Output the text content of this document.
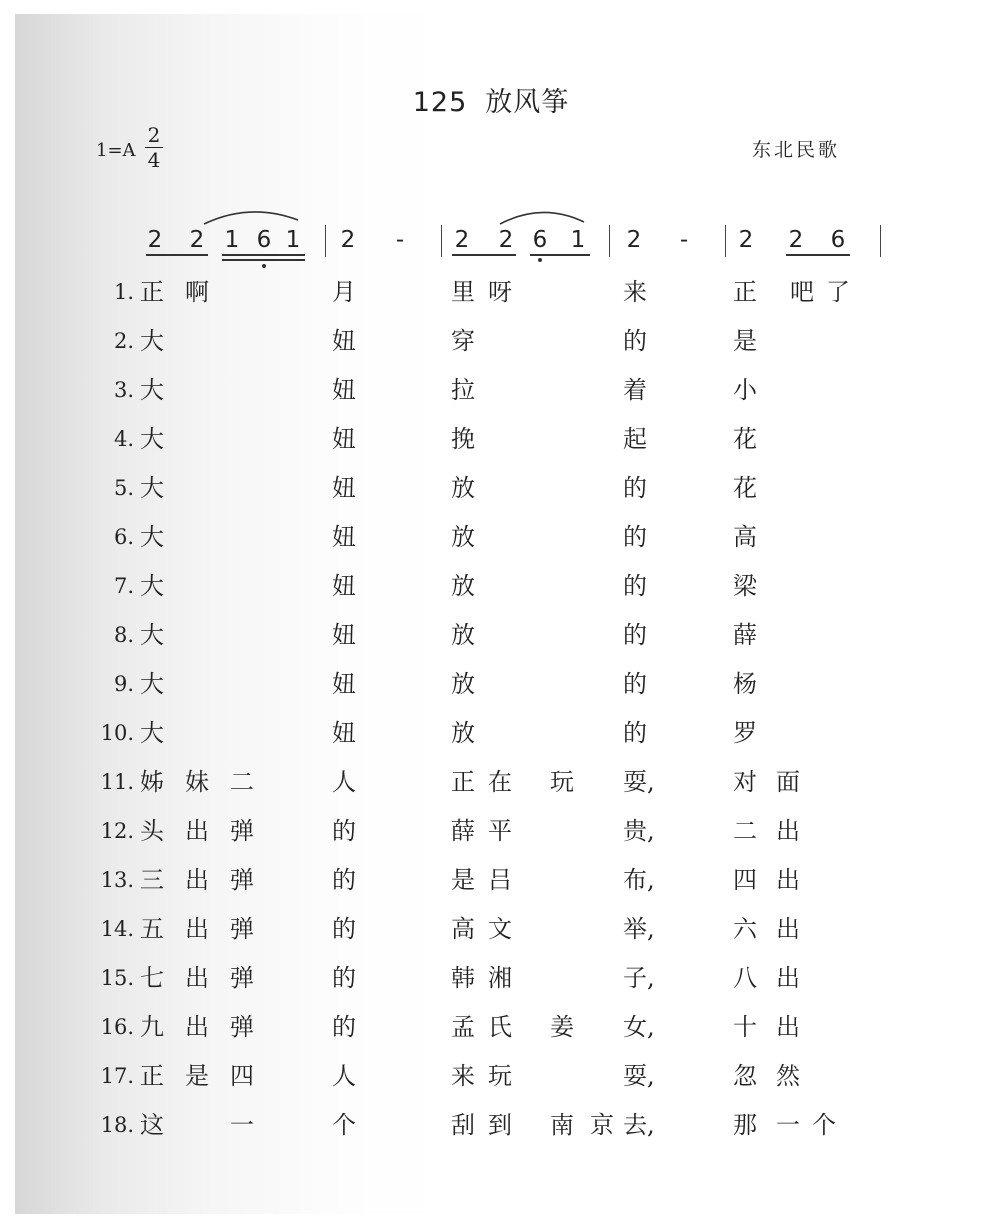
125 放风筝
1=A
2
4	东北民歌
2 2 1 6 1 2 - 2 2 6 1 2 - 2 2 6
1. 正 啊	月	里 呀	来	正 吧 了
2. 大	妞	穿	的	是
3. 大	妞	拉	着	小
4. 大	妞	挽	起	花
5. 大	妞	放	的	花
6. 大	妞	放	的	高
7. 大	妞	放	的	梁
8. 大	妞	放	的	薛
9. 大	妞	放	的	杨
10. 大	妞	放	的	罗
11. 姊 妹 二	人	正 在 玩 耍,	对 面
12. 头 出 弹	的	薛 平	贵,	二 出
13. 三 出 弹	的	是 吕	布,	四 出
14. 五 出 弹	的	高 文	举,	六 出
15. 七 出 弹	的	韩 湘	子,	八 出
16. 九 出 弹	的	孟 氏 姜 女,	十 出
17. 正 是 四	人	来 玩	耍,	忽 然
18. 这	一	个	刮 到 南 京 去,	那 一 个
